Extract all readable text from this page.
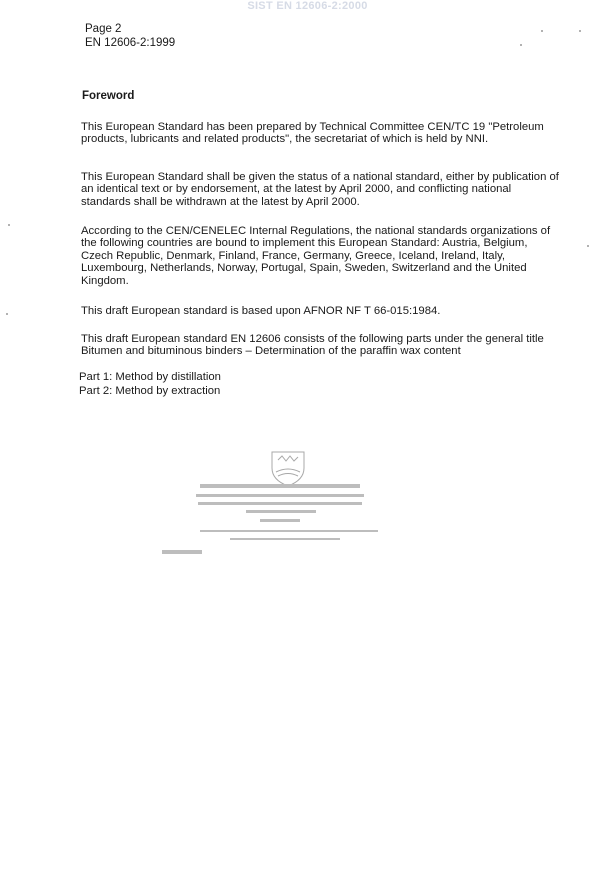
SIST EN 12606-2:2000
Page 2
EN 12606-2:1999
Foreword
This European Standard has been prepared by Technical Committee CEN/TC 19 "Petroleum products, lubricants and related products", the secretariat of which is held by NNI.
This European Standard shall be given the status of a national standard, either by publication of an identical text or by endorsement, at the latest by April 2000, and conflicting national standards shall be withdrawn at the latest by April 2000.
According to the CEN/CENELEC Internal Regulations, the national standards organizations of the following countries are bound to implement this European Standard: Austria, Belgium, Czech Republic, Denmark, Finland, France, Germany, Greece, Iceland, Ireland, Italy, Luxembourg, Netherlands, Norway, Portugal, Spain, Sweden, Switzerland and the United Kingdom.
This draft European standard is based upon AFNOR NF T 66-015:1984.
This draft European standard EN 12606 consists of the following parts under the general title Bitumen and bituminous binders – Determination of the paraffin wax content
Part 1: Method by distillation
Part 2: Method by extraction
